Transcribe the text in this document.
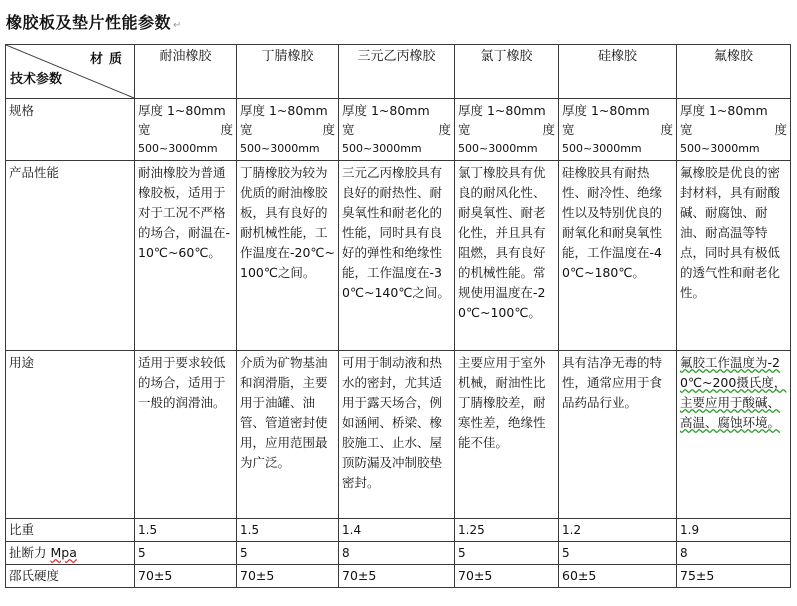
橡胶板及垫片性能参数 ↵
材质
技术参数	耐油橡胶	丁腈橡胶	三元乙丙橡胶	氯丁橡胶	硅橡胶	氟橡胶
规格	厚度 1~80mm
宽 度
500~3000mm	厚度 1~80mm
宽 度
500~3000mm	厚度 1~80mm
宽 度
500~3000mm	厚度 1~80mm
宽 度
500~3000mm	厚度 1~80mm
宽 度
500~3000mm	厚度 1~80mm
宽 度
500~3000mm

产品性能	耐油橡胶为普通橡胶板，适用于对于工况不严格的场合，耐温在-10℃~60℃。	丁腈橡胶为较为优质的耐油橡胶板，具有良好的耐机械性能，工作温度在-20℃~100℃之间。	三元乙丙橡胶具有良好的耐热性、耐臭氧性和耐老化的性能，同时具有良好的弹性和绝缘性能，工作温度在-30℃~140℃之间。	氯丁橡胶具有优良的耐风化性、耐臭氧性、耐老化性，并且具有阻燃，具有良好的机械性能。常规使用温度在-20℃~100℃。	硅橡胶具有耐热性、耐冷性、绝缘性以及特别优良的耐氧化和耐臭氧性能，工作温度在-40℃~180℃。	氟橡胶是优良的密封材料，具有耐酸碱、耐腐蚀、耐油、耐高温等特点，同时具有极低的透气性和耐老化性。
用途	适用于要求较低的场合，适用于一般的润滑油。	介质为矿物基油和润滑脂，主要用于油罐、油管、管道密封使用，应用范围最为广泛。	可用于制动液和热水的密封，尤其适用于露天场合，例如涵闸、桥梁、橡胶施工、止水、屋顶防漏及冲制胶垫密封。	主要应用于室外机械，耐油性比丁腈橡胶差，耐寒性差，绝缘性能不佳。	具有洁净无毒的特性，通常应用于食品药品行业。	氟胶工作温度为-20℃~200摄氏度，主要应用于酸碱、高温、腐蚀环境。
比重	1.5	1.5	1.4	1.25	1.2	1.9
扯断力 Mpa	5	5	8	5	5	8
邵氏硬度	70±5	70±5	70±5	70±5	60±5	75±5
